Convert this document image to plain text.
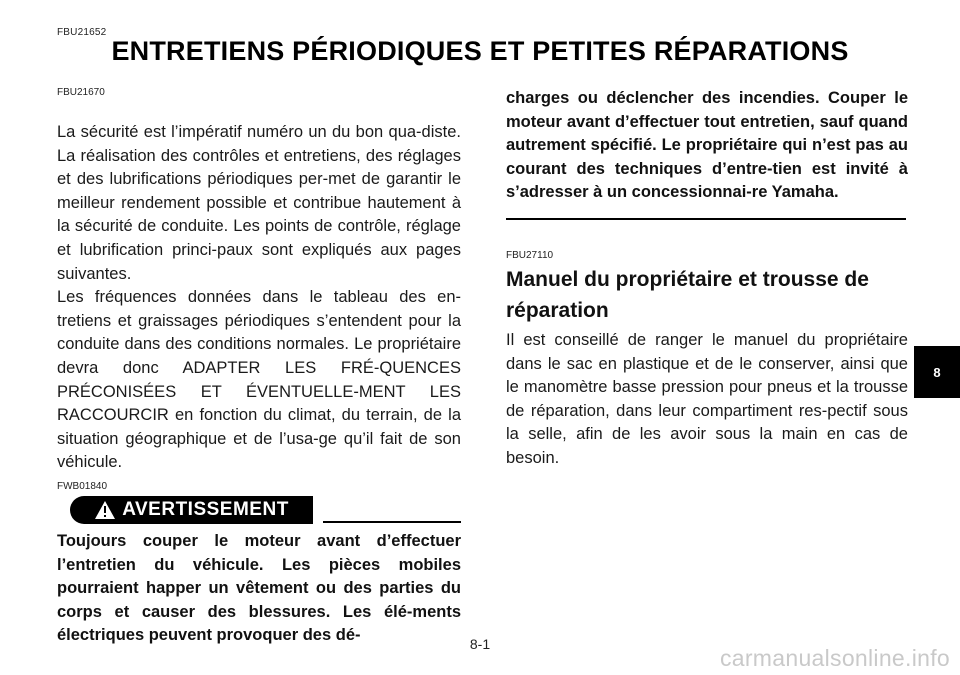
FBU21652
ENTRETIENS PÉRIODIQUES ET PETITES RÉPARATIONS
FBU21670

La sécurité est l’impératif numéro un du bon qua-diste. La réalisation des contrôles et entretiens, des réglages et des lubrifications périodiques per-met de garantir le meilleur rendement possible et contribue hautement à la sécurité de conduite. Les points de contrôle, réglage et lubrification princi-paux sont expliqués aux pages suivantes.

Les fréquences données dans le tableau des en-tretiens et graissages périodiques s’entendent pour la conduite dans des conditions normales. Le propriétaire devra donc ADAPTER LES FRÉ-QUENCES PRÉCONISÉES ET ÉVENTUELLE-MENT LES RACCOURCIR en fonction du climat, du terrain, de la situation géographique et de l’usa-ge qu’il fait de son véhicule.

FWB01840
AVERTISSEMENT

Toujours couper le moteur avant d’effectuer l’entretien du véhicule. Les pièces mobiles pourraient happer un vêtement ou des parties du corps et causer des blessures. Les élé-ments électriques peuvent provoquer des dé-

charges ou déclencher des incendies. Couper le moteur avant d’effectuer tout entretien, sauf quand autrement spécifié. Le propriétaire qui n’est pas au courant des techniques d’entre-tien est invité à s’adresser à un concessionnai-re Yamaha.

FBU27110
Manuel du propriétaire et trousse de réparation

Il est conseillé de ranger le manuel du propriétaire dans le sac en plastique et de le conserver, ainsi que le manomètre basse pression pour pneus et la trousse de réparation, dans leur compartiment res-pectif sous la selle, afin de les avoir sous la main en cas de besoin.

8-1
8
carmanualsonline.info
